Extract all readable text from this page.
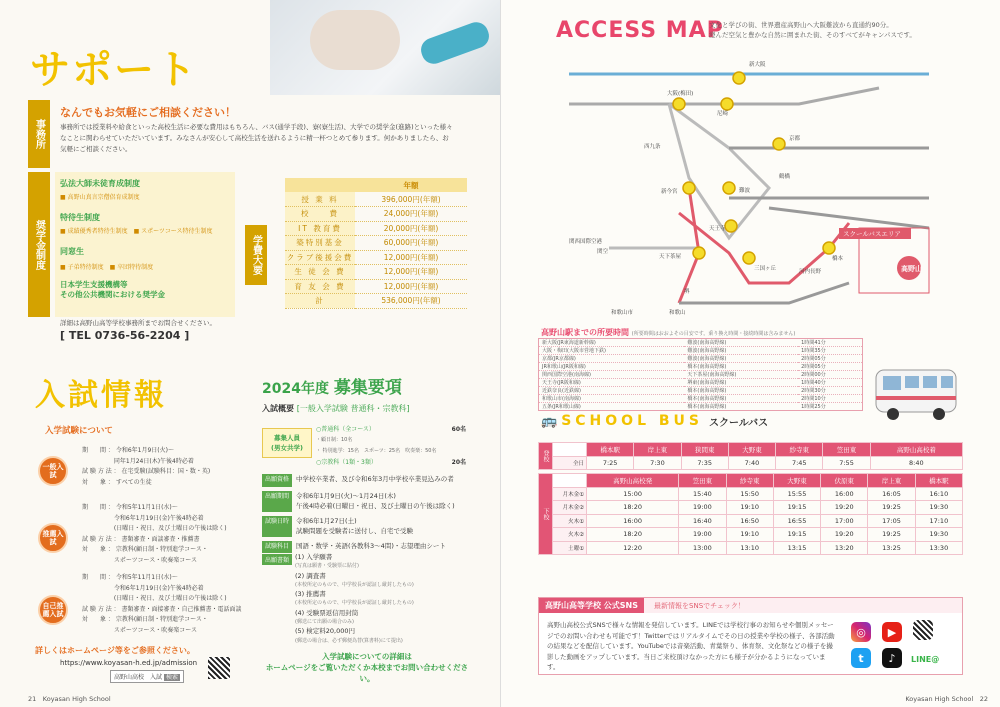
サポート
事務所
なんでもお気軽にご相談ください！
事務所では授業料や給食といった高校生活に必要な費用はもちろん、バス(通学手段)、寮(寮生活)、大学での奨学金(進路)といった様々なことに関わらせていただいています。みなさんが安心して高校生活を送れるように精一杯つとめて参ります。何かありましたら、お気軽にご相談ください。
奨学金制度
弘法大師未徒育成制度
■ 高野山真言宗僧侶育成制度
特待生制度
■ 成績優秀者特待生制度　■ スポーツコース特待生制度
同窓生
■ 子弟特待制度　■ 卒団特待制度
日本学生支援機構等
その他公共機関における奨学金
詳細は高野山高等学校事務所までお問合せください。
[ TEL 0736-56-2204 ]
学費大要
	年額
授 業 料	396,000円(年額)
校　　費	24,000円(年額)
IT 教育費	20,000円(年額)
築特別基金	60,000円(年額)
クラブ後援会費	12,000円(年額)
生 徒 会 費	12,000円(年額)
育 友 会 費	12,000円(年額)
計	536,000円(年額)
入試情報
入学試験について
一般入試
期　　間 ： 令和6年1月9日(火)～
　　　　　 同年1月24日(木)午後4時必着
試 験 方 法 ： 在宅受験(試験科目：国・数・英)
対　　象 ： すべての生徒
推薦入試
期　　間 ： 令和5年11月1日(水)～
　　　　　 令和6年1月19日(金)午後4時必着
　　　　　 (日曜日・祝日、及び土曜日の午後は除く)
試 験 方 法 ： 書類審査・面談審査・推薦書
対　　象 ： 宗教科(顧日制・特別進学コース・
　　　　　 スポーツコース・吹奏楽コース
自己推薦入試
期　　間 ： 令和5年11月1日(水)～
　　　　　 令和6年1月19日(金)午後4時必着
　　　　　 (日曜日・祝日、及び土曜日の午後は除く)
試 験 方 法 ： 書類審査・面接審査・自己推薦書・電話面談
対　　象 ： 宗教科(顧日制・特別進学コース・
　　　　　 スポーツコース・吹奏楽コース
詳しくはホームページ等をご参照ください。
https://www.koyasan-h.ed.jp/admission
高野山高校　入試 検索
2024年度 募集要項
入試概要 [一般入学試験 普通科・宗教科]
募集人員
(男女共学)
○普通科（全コース）	60名
・顧日制：10名
・ 特別進学：15名　スポーツ：25名　吹奏楽：50名
○宗教科（1類・3類）	20名
出願資格	中学校卒業者、及び令和6年3月中学校卒業見込みの者
出願期間	令和6年1月9日(火)～1月24日(木)
午後4時必着(日曜日・祝日、及び土曜日の午後は除く)
試験日時	令和6年1月27日(土)
試験問題を受験者に送付し、自宅で受験
試験科目	国語・数学・英語(各教科3～4問)・志望理由シート
出願書類 (1) 入学願書
(写真は願書・受験票に貼付)
(2) 調査書
(本校所定のもので、中学校長が認証し厳封したもの)
(3) 推薦書
(本校所定のもので、中学校長が認証し厳封したもの)
(4) 受験票返信用封筒
(郵送にて出願の場合のみ)
(5) 検定料20,000円
(郵送の場合は、必ず郵便為替(算書料)にて提出)
入学試験についての詳細は
ホームページをご覧いただくか本校までお問い合わせください。
21　 Koyasan High School
ACCESS MAP
文化と学びの街、世界遺産高野山へ大阪難波から直通約90分。
澄んだ空気と豊かな自然に囲まれた街、そのすべてがキャンパスです。
高野山
スクールバスエリア
新大阪
大阪(梅田)
京都
尼崎
西九条
鶴橋
新今宮	難波
天王寺
天下茶屋
三国ヶ丘	河内長野
橋本
関西国際空港
和歌山
和歌山市
堺
関空
高野山駅までの所要時間 (所要時間はおおよその目安です。乗り換え時間・接続時間は含みません)
新大阪(JR東海道新幹線)	難波(南海高野線)	1時間41分
大阪・梅田(大阪市営地下鉄)	難波(南海高野線)	1時間35分
京都(JR京都線)	難波(南海高野線)	2時間05分
JR和歌山(JR阪和線)	橋本(南海高野線)	2時間05分
関西国際空港(南海線)	天下茶屋(南海高野線)	2時間00分
天王寺(JR阪和線)	堺東(南海高野線)	1時間40分
近鉄奈良(近鉄線)	橋本(南海高野線)	2時間30分
和歌山市(南海線)	橋本(南海高野線)	2時間10分
五条(JR和歌山線)	橋本(南海高野線)	1時間25分
🚌 SCHOOL BUS スクールバス
登校		橋本駅	岸上東	狭間東	大野東	紗寺東	笠田東	高野山高校着
	全日	7:25	7:30	7:35	7:40	7:45	7:55	8:40
下校		高野山高校発	笠田東	紗寺東	大野東	伏原東	岸上東	橋本駅
	月木金①	15:00	15:40	15:50	15:55	16:00	16:05	16:10
	月木金②	18:20	19:00	19:10	19:15	19:20	19:25	19:30
	火木①	16:00	16:40	16:50	16:55	17:00	17:05	17:10
	火木②	18:20	19:00	19:10	19:15	19:20	19:25	19:30
	土曜①	12:20	13:00	13:10	13:15	13:20	13:25	13:30
高野山高等学校 公式SNS	最新情報をSNSでチェック！
高野山高校公式SNSで様々な情報を発信しています。LINEでは学校行事のお知らせや個別メッセージでのお問い合わせも可能です！Twitterではリアルタイムでその日の授業や学校の様子、各部活動の結果などを配信しています。YouTubeでは音楽活動、青葉祭り、体育祭、文化祭などの様子を撮影した動画をアップしています。当日ご来校頂けなかった方にも様子が分かるようになっています。
◎	▶
t	♪	LINE@
Koyasan High School　 22
